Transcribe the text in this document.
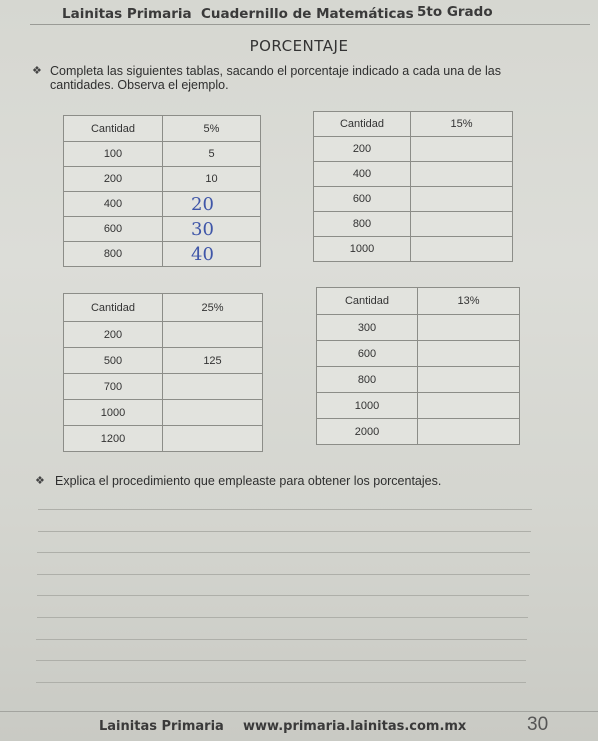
Lainitas Primaria Cuadernillo de Matemáticas 5to Grado
PORCENTAJE
❖ Completa las siguientes tablas, sacando el porcentaje indicado a cada una de las cantidades. Observa el ejemplo.
Cantidad	5%
100	5
200	10
400	20
600	30
800	40
Cantidad	15%
200	
400	
600	
800	
1000	
Cantidad	25%
200	
500	125
700	
1000	
1200	
Cantidad	13%
300	
600	
800	
1000	
2000	
❖ Explica el procedimiento que empleaste para obtener los porcentajes.
Lainitas Primaria www.primaria.lainitas.com.mx	30
